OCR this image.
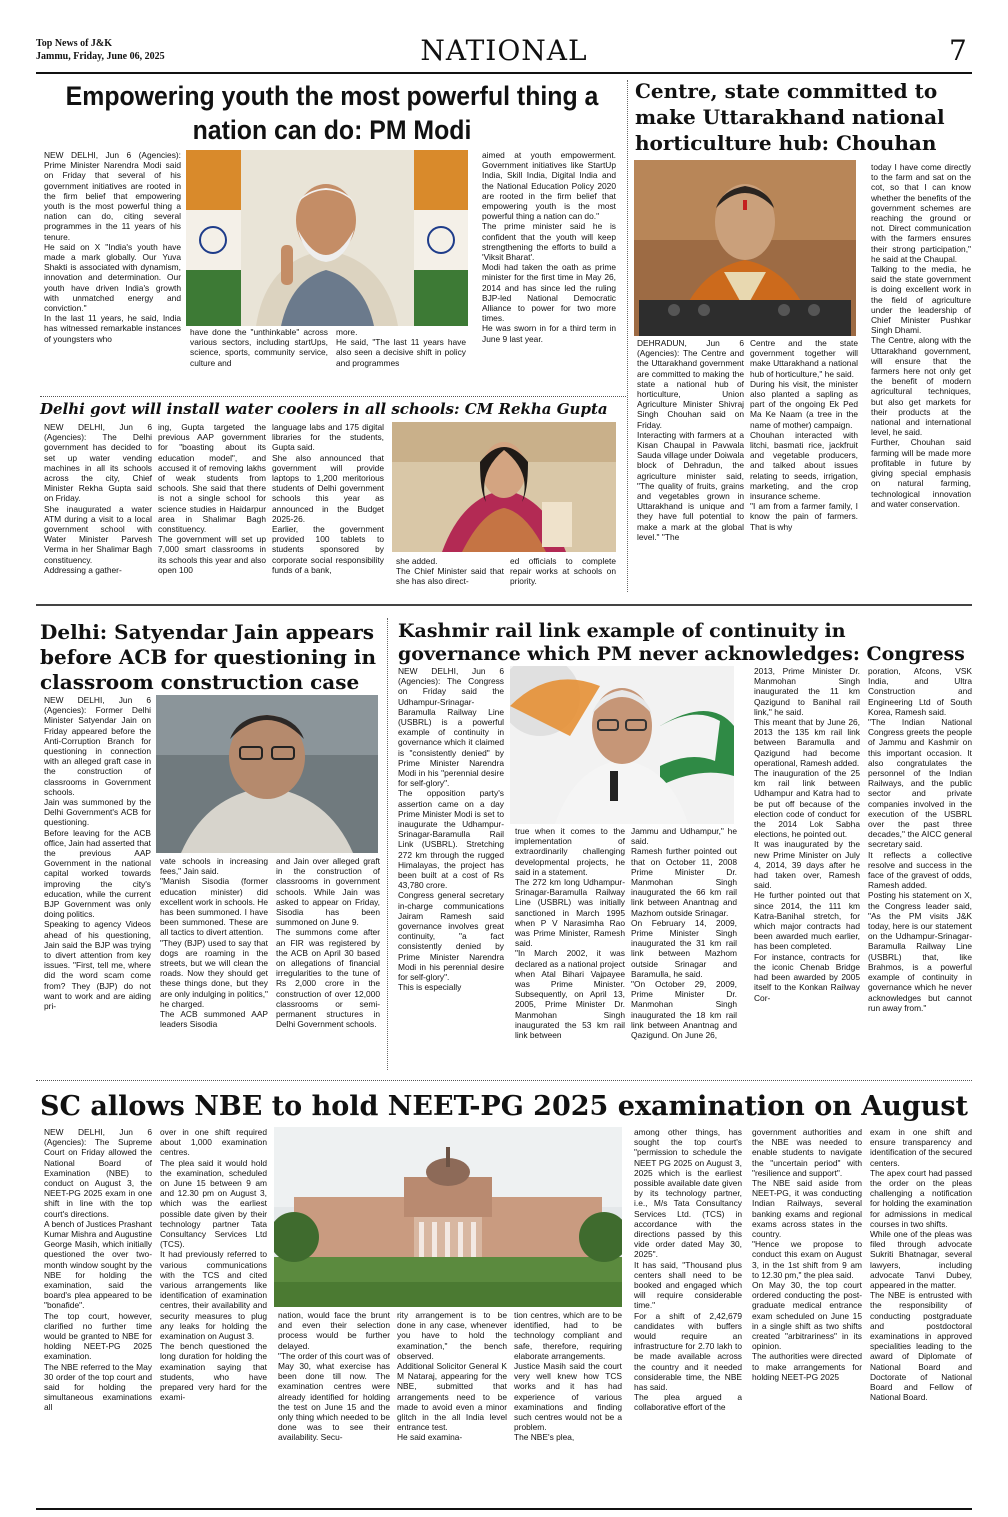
Top News of J&K
Jammu, Friday, June 06, 2025	NATIONAL	7
Empowering youth the most powerful thing a nation can do: PM Modi
NEW DELHI, Jun 6 (Agencies): Prime Minister Narendra Modi said on Friday that several of his government initiatives are rooted in the firm belief that empowering youth is the most powerful thing a nation can do, citing several programmes in the 11 years of his tenure.
He said on X "India's youth have made a mark globally. Our Yuva Shakti is associated with dynamism, innovation and determination. Our youth have driven India's growth with unmatched energy and conviction."
In the last 11 years, he said, India has witnessed remarkable instances of youngsters who
have done the "unthinkable" across various sectors, including startUps, science, sports, community service, culture and
more.
He said, "The last 11 years have also seen a decisive shift in policy and programmes
aimed at youth empowerment. Government initiatives like StartUp India, Skill India, Digital India and the National Education Policy 2020 are rooted in the firm belief that empowering youth is the most powerful thing a nation can do."
The prime minister said he is confident that the youth will keep strengthening the efforts to build a 'Viksit Bharat'.
Modi had taken the oath as prime minister for the first time in May 26, 2014 and has since led the ruling BJP-led National Democratic Alliance to power for two more times.
He was sworn in for a third term in June 9 last year.
Centre, state committed to make Uttarakhand national horticulture hub: Chouhan
DEHRADUN, Jun 6 (Agencies): The Centre and the Uttarakhand government are committed to making the state a national hub of horticulture, Union Agriculture Minister Shivraj Singh Chouhan said on Friday.
Interacting with farmers at a Kisan Chaupal in Pavwala Sauda village under Doiwala block of Dehradun, the agriculture minister said, "The quality of fruits, grains and vegetables grown in Uttarakhand is unique and they have full potential to make a mark at the global level." "The
Centre and the state government together will make Uttarakhand a national hub of horticulture," he said.
During his visit, the minister also planted a sapling as part of the ongoing Ek Ped Ma Ke Naam (a tree in the name of mother) campaign.
Chouhan interacted with litchi, basmati rice, jackfruit and vegetable producers, and talked about issues relating to seeds, irrigation, marketing, and the crop insurance scheme.
"I am from a farmer family, I know the pain of farmers. That is why
today I have come directly to the farm and sat on the cot, so that I can know whether the benefits of the government schemes are reaching the ground or not. Direct communication with the farmers ensures their strong participation," he said at the Chaupal.
Talking to the media, he said the state government is doing excellent work in the field of agriculture under the leadership of Chief Minister Pushkar Singh Dhami.
The Centre, along with the Uttarakhand government, will ensure that the farmers here not only get the benefit of modern agricultural techniques, but also get markets for their products at the national and international level, he said.
Further, Chouhan said farming will be made more profitable in future by giving special emphasis on natural farming, technological innovation and water conservation.
Delhi govt will install water coolers in all schools: CM Rekha Gupta
NEW DELHI, Jun 6 (Agencies): The Delhi government has decided to set up water vending machines in all its schools across the city, Chief Minister Rekha Gupta said on Friday.
She inaugurated a water ATM during a visit to a local government school with Water Minister Parvesh Verma in her Shalimar Bagh constituency.
Addressing a gather-
ing, Gupta targeted the previous AAP government for "boasting about its education model", and accused it of removing lakhs of weak students from schools. She said that there is not a single school for science studies in Haidarpur area in Shalimar Bagh constituency.
The government will set up 7,000 smart classrooms in its schools this year and also open 100
language labs and 175 digital libraries for the students, Gupta said.
She also announced that government will provide laptops to 1,200 meritorious students of Delhi government schools this year as announced in the Budget 2025-26.
Earlier, the government provided 100 tablets to students sponsored by corporate social responsibility funds of a bank,
she added.
The Chief Minister said that she has also direct-
ed officials to complete repair works at schools on priority.
Delhi: Satyendar Jain appears before ACB for questioning in classroom construction case
NEW DELHI, Jun 6 (Agencies): Former Delhi Minister Satyendar Jain on Friday appeared before the Anti-Corruption Branch for questioning in connection with an alleged graft case in the construction of classrooms in Government schools.
Jain was summoned by the Delhi Government's ACB for questioning.
Before leaving for the ACB office, Jain had asserted that the previous AAP Government in the national capital worked towards improving the city's education, while the current BJP Government was only doing politics.
Speaking to agency Videos ahead of his questioning, Jain said the BJP was trying to divert attention from key issues. "First, tell me, where did the word scam come from? They (BJP) do not want to work and are aiding pri-
vate schools in increasing fees," Jain said.
"Manish Sisodia (former education minister) did excellent work in schools. He has been summoned. I have been summoned. These are all tactics to divert attention.
"They (BJP) used to say that dogs are roaming in the streets, but we will clean the roads. Now they should get these things done, but they are only indulging in politics," he charged.
The ACB summoned AAP leaders Sisodia
and Jain over alleged graft in the construction of classrooms in government schools. While Jain was asked to appear on Friday, Sisodia has been summoned on June 9.
The summons come after an FIR was registered by the ACB on April 30 based on allegations of financial irregularities to the tune of Rs 2,000 crore in the construction of over 12,000 classrooms or semi-permanent structures in Delhi Government schools.
Kashmir rail link example of continuity in governance which PM never acknowledges: Congress
NEW DELHI, Jun 6 (Agencies): The Congress on Friday said the Udhampur-Srinagar-Baramulla Railway Line (USBRL) is a powerful example of continuity in governance which it claimed is "consistently denied" by Prime Minister Narendra Modi in his "perennial desire for self-glory".
The opposition party's assertion came on a day Prime Minister Modi is set to inaugurate the Udhampur-Srinagar-Baramulla Rail Link (USBRL). Stretching 272 km through the rugged Himalayas, the project has been built at a cost of Rs 43,780 crore.
Congress general secretary in-charge communications Jairam Ramesh said governance involves great continuity, "a fact consistently denied by Prime Minister Narendra Modi in his perennial desire for self-glory".
This is especially
true when it comes to the implementation of extraordinarily challenging developmental projects, he said in a statement.
The 272 km long Udhampur-Srinagar-Baramulla Railway Line (USBRL) was initially sanctioned in March 1995 when P V Narasimha Rao was Prime Minister, Ramesh said.
"In March 2002, it was declared as a national project when Atal Bihari Vajpayee was Prime Minister. Subsequently, on April 13, 2005, Prime Minister Dr. Manmohan Singh inaugurated the 53 km rail link between
Jammu and Udhampur," he said.
Ramesh further pointed out that on October 11, 2008 Prime Minister Dr. Manmohan Singh inaugurated the 66 km rail link between Anantnag and Mazhom outside Srinagar.
On February 14, 2009, Prime Minister Singh inaugurated the 31 km rail link between Mazhom outside Srinagar and Baramulla, he said.
"On October 29, 2009, Prime Minister Dr. Manmohan Singh inaugurated the 18 km rail link between Anantnag and Qazigund. On June 26,
2013, Prime Minister Dr. Manmohan Singh inaugurated the 11 km Qazigund to Banihal rail link," he said.
This meant that by June 26, 2013 the 135 km rail link between Baramulla and Qazigund had become operational, Ramesh added.
The inauguration of the 25 km rail link between Udhampur and Katra had to be put off because of the election code of conduct for the 2014 Lok Sabha elections, he pointed out.
It was inaugurated by the new Prime Minister on July 4, 2014, 39 days after he had taken over, Ramesh said.
He further pointed out that since 2014, the 111 km Katra-Banihal stretch, for which major contracts had been awarded much earlier, has been completed.
For instance, contracts for the iconic Chenab Bridge had been awarded by 2005 itself to the Konkan Railway Cor-
poration, Afcons, VSK India, and Ultra Construction and Engineering Ltd of South Korea, Ramesh said.
"The Indian National Congress greets the people of Jammu and Kashmir on this important occasion. It also congratulates the personnel of the Indian Railways, and the public sector and private companies involved in the execution of the USBRL over the past three decades," the AICC general secretary said.
It reflects a collective resolve and success in the face of the gravest of odds, Ramesh added.
Posting his statement on X, the Congress leader said, "As the PM visits J&K today, here is our statement on the Udhampur-Srinagar-Baramulla Railway Line (USBRL) that, like Brahmos, is a powerful example of continuity in governance which he never acknowledges but cannot run away from."
SC allows NBE to hold NEET-PG 2025 examination on August
NEW DELHI, Jun 6 (Agencies): The Supreme Court on Friday allowed the National Board of Examination (NBE) to conduct on August 3, the NEET-PG 2025 exam in one shift in line with the top court's directions.
A bench of Justices Prashant Kumar Mishra and Augustine George Masih, which initially questioned the over two-month window sought by the NBE for holding the examination, said the board's plea appeared to be "bonafide".
The top court, however, clarified no further time would be granted to NBE for holding NEET-PG 2025 examination.
The NBE referred to the May 30 order of the top court and said for holding the simultaneous examinations all
over in one shift required about 1,000 examination centres.
The plea said it would hold the examination, scheduled on June 15 between 9 am and 12.30 pm on August 3, which was the earliest possible date given by their technology partner Tata Consultancy Services Ltd (TCS).
It had previously referred to various communications with the TCS and cited various arrangements like identification of examination centres, their availability and security measures to plug any leaks for holding the examination on August 3.
The bench questioned the long duration for holding the examination saying that students, who have prepared very hard for the exami-
nation, would face the brunt and even their selection process would be further delayed.
"The order of this court was of May 30, what exercise has been done till now. The examination centres were already identified for holding the test on June 15 and the only thing which needed to be done was to see their availability. Secu-
rity arrangement is to be done in any case, whenever you have to hold the examination," the bench observed.
Additional Solicitor General K M Nataraj, appearing for the NBE, submitted that arrangements need to be made to avoid even a minor glitch in the all India level entrance test.
He said examina-
tion centres, which are to be identified, had to be technology compliant and safe, therefore, requiring elaborate arrangements.
Justice Masih said the court very well knew how TCS works and it has had experience of various examinations and finding such centres would not be a problem.
The NBE's plea,
among other things, has sought the top court's "permission to schedule the NEET PG 2025 on August 3, 2025 which is the earliest possible available date given by its technology partner, i.e., M/s Tata Consultancy Services Ltd. (TCS) in accordance with the directions passed by this vide order dated May 30, 2025".
It has said, "Thousand plus centers shall need to be booked and engaged which will require considerable time."
For a shift of 2,42,679 candidates with buffers would require an infrastructure for 2.70 lakh to be made available across the country and it needed considerable time, the NBE has said.
The plea argued a collaborative effort of the
government authorities and the NBE was needed to enable students to navigate the "uncertain period" with "resilience and support".
The NBE said aside from NEET-PG, it was conducting Indian Railways, several banking exams and regional exams across states in the country.
"Hence we propose to conduct this exam on August 3, in the 1st shift from 9 am to 12.30 pm," the plea said.
On May 30, the top court ordered conducting the post-graduate medical entrance exam scheduled on June 15 in a single shift as two shifts created "arbitrariness" in its opinion.
The authorities were directed to make arrangements for holding NEET-PG 2025
exam in one shift and ensure transparency and identification of the secured centers.
The apex court had passed the order on the pleas challenging a notification for holding the examination for admissions in medical courses in two shifts.
While one of the pleas was filed through advocate Sukriti Bhatnagar, several lawyers, including advocate Tanvi Dubey, appeared in the matter.
The NBE is entrusted with the responsibility of conducting postgraduate and postdoctoral examinations in approved specialities leading to the award of Diplomate of National Board and Doctorate of National Board and Fellow of National Board.
